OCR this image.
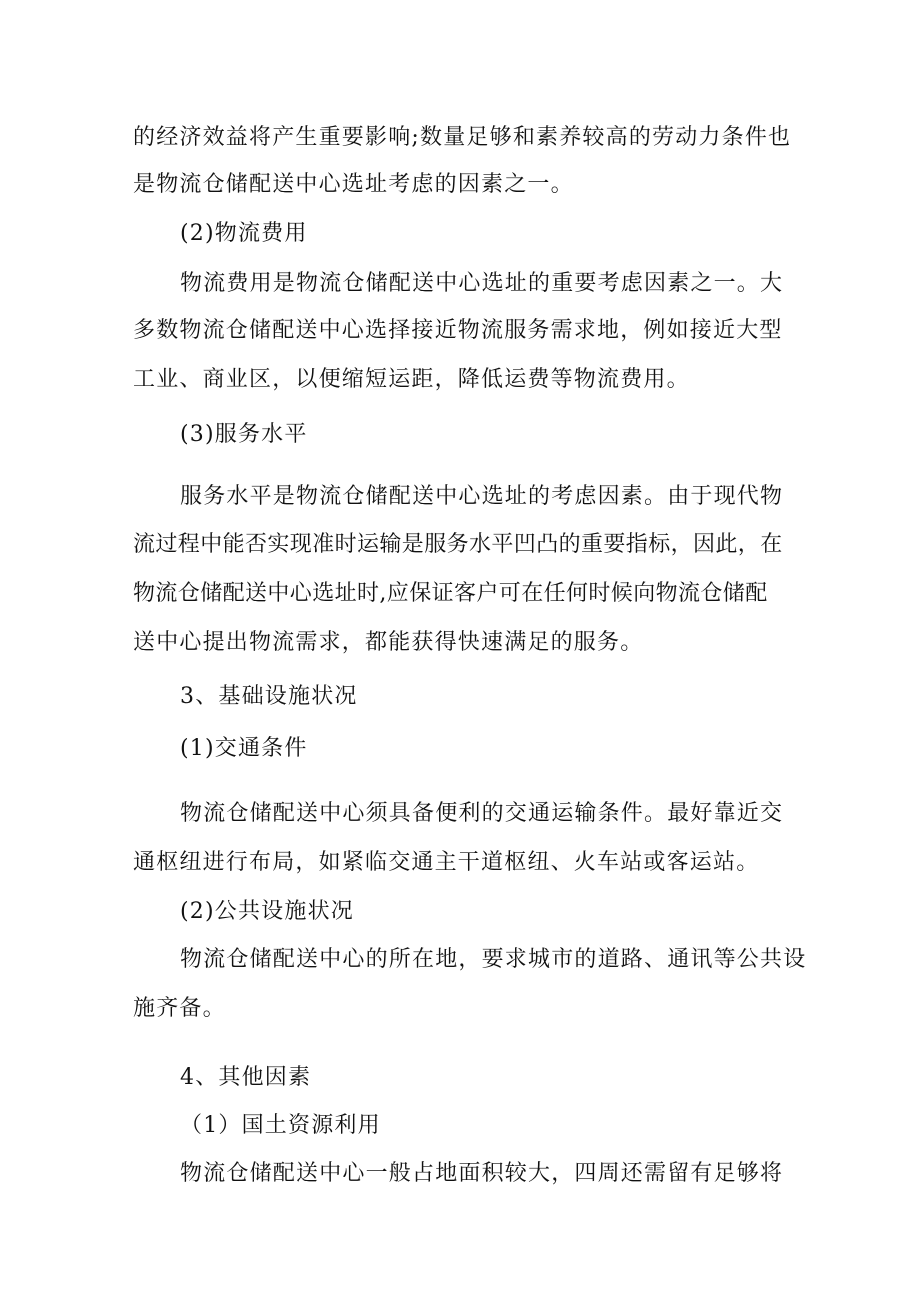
的经济效益将产生重要影响;数量足够和素养较高的劳动力条件也
是物流仓储配送中心选址考虑的因素之一。
(2)物流费用
物流费用是物流仓储配送中心选址的重要考虑因素之一。大
多数物流仓储配送中心选择接近物流服务需求地，例如接近大型
工业、商业区，以便缩短运距，降低运费等物流费用。
(3)服务水平
服务水平是物流仓储配送中心选址的考虑因素。由于现代物
流过程中能否实现准时运输是服务水平凹凸的重要指标，因此，在
物流仓储配送中心选址时,应保证客户可在任何时候向物流仓储配
送中心提出物流需求，都能获得快速满足的服务。
3、基础设施状况
(1)交通条件
物流仓储配送中心须具备便利的交通运输条件。最好靠近交
通枢纽进行布局，如紧临交通主干道枢纽、火车站或客运站。
(2)公共设施状况
物流仓储配送中心的所在地，要求城市的道路、通讯等公共设
施齐备。
4、其他因素
（1）国土资源利用
物流仓储配送中心一般占地面积较大，四周还需留有足够将
